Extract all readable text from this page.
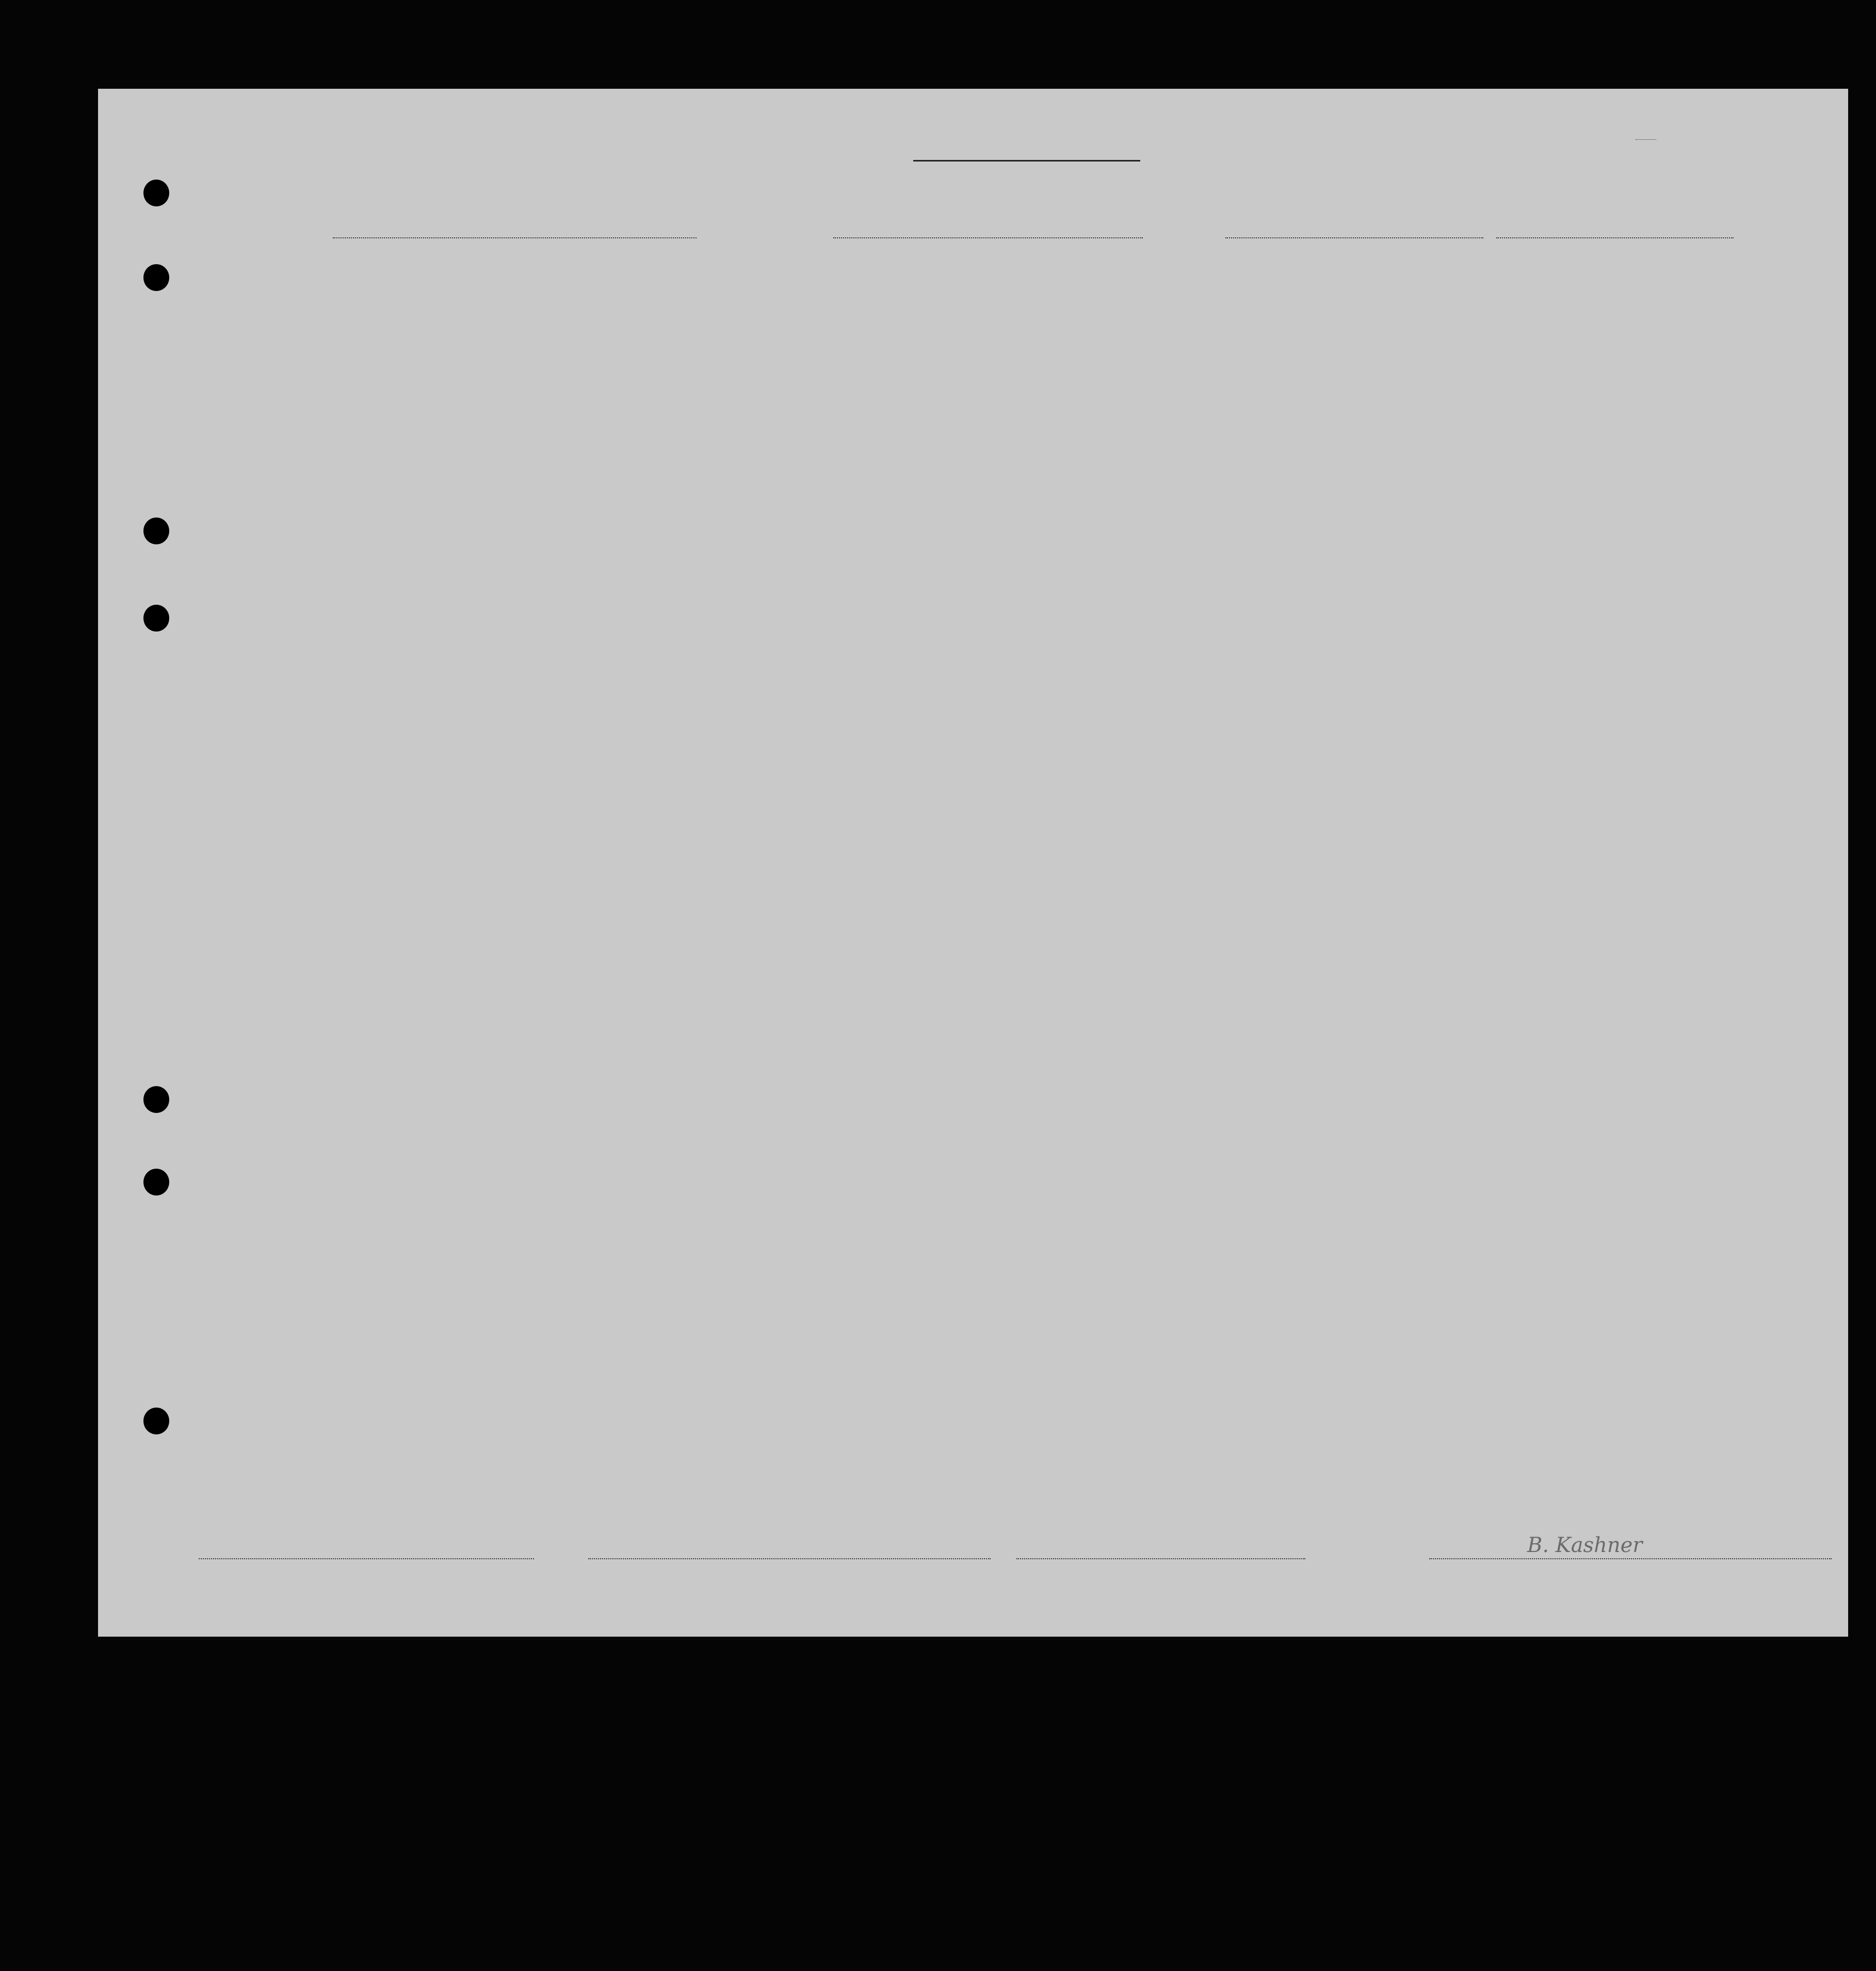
B. Kashner
